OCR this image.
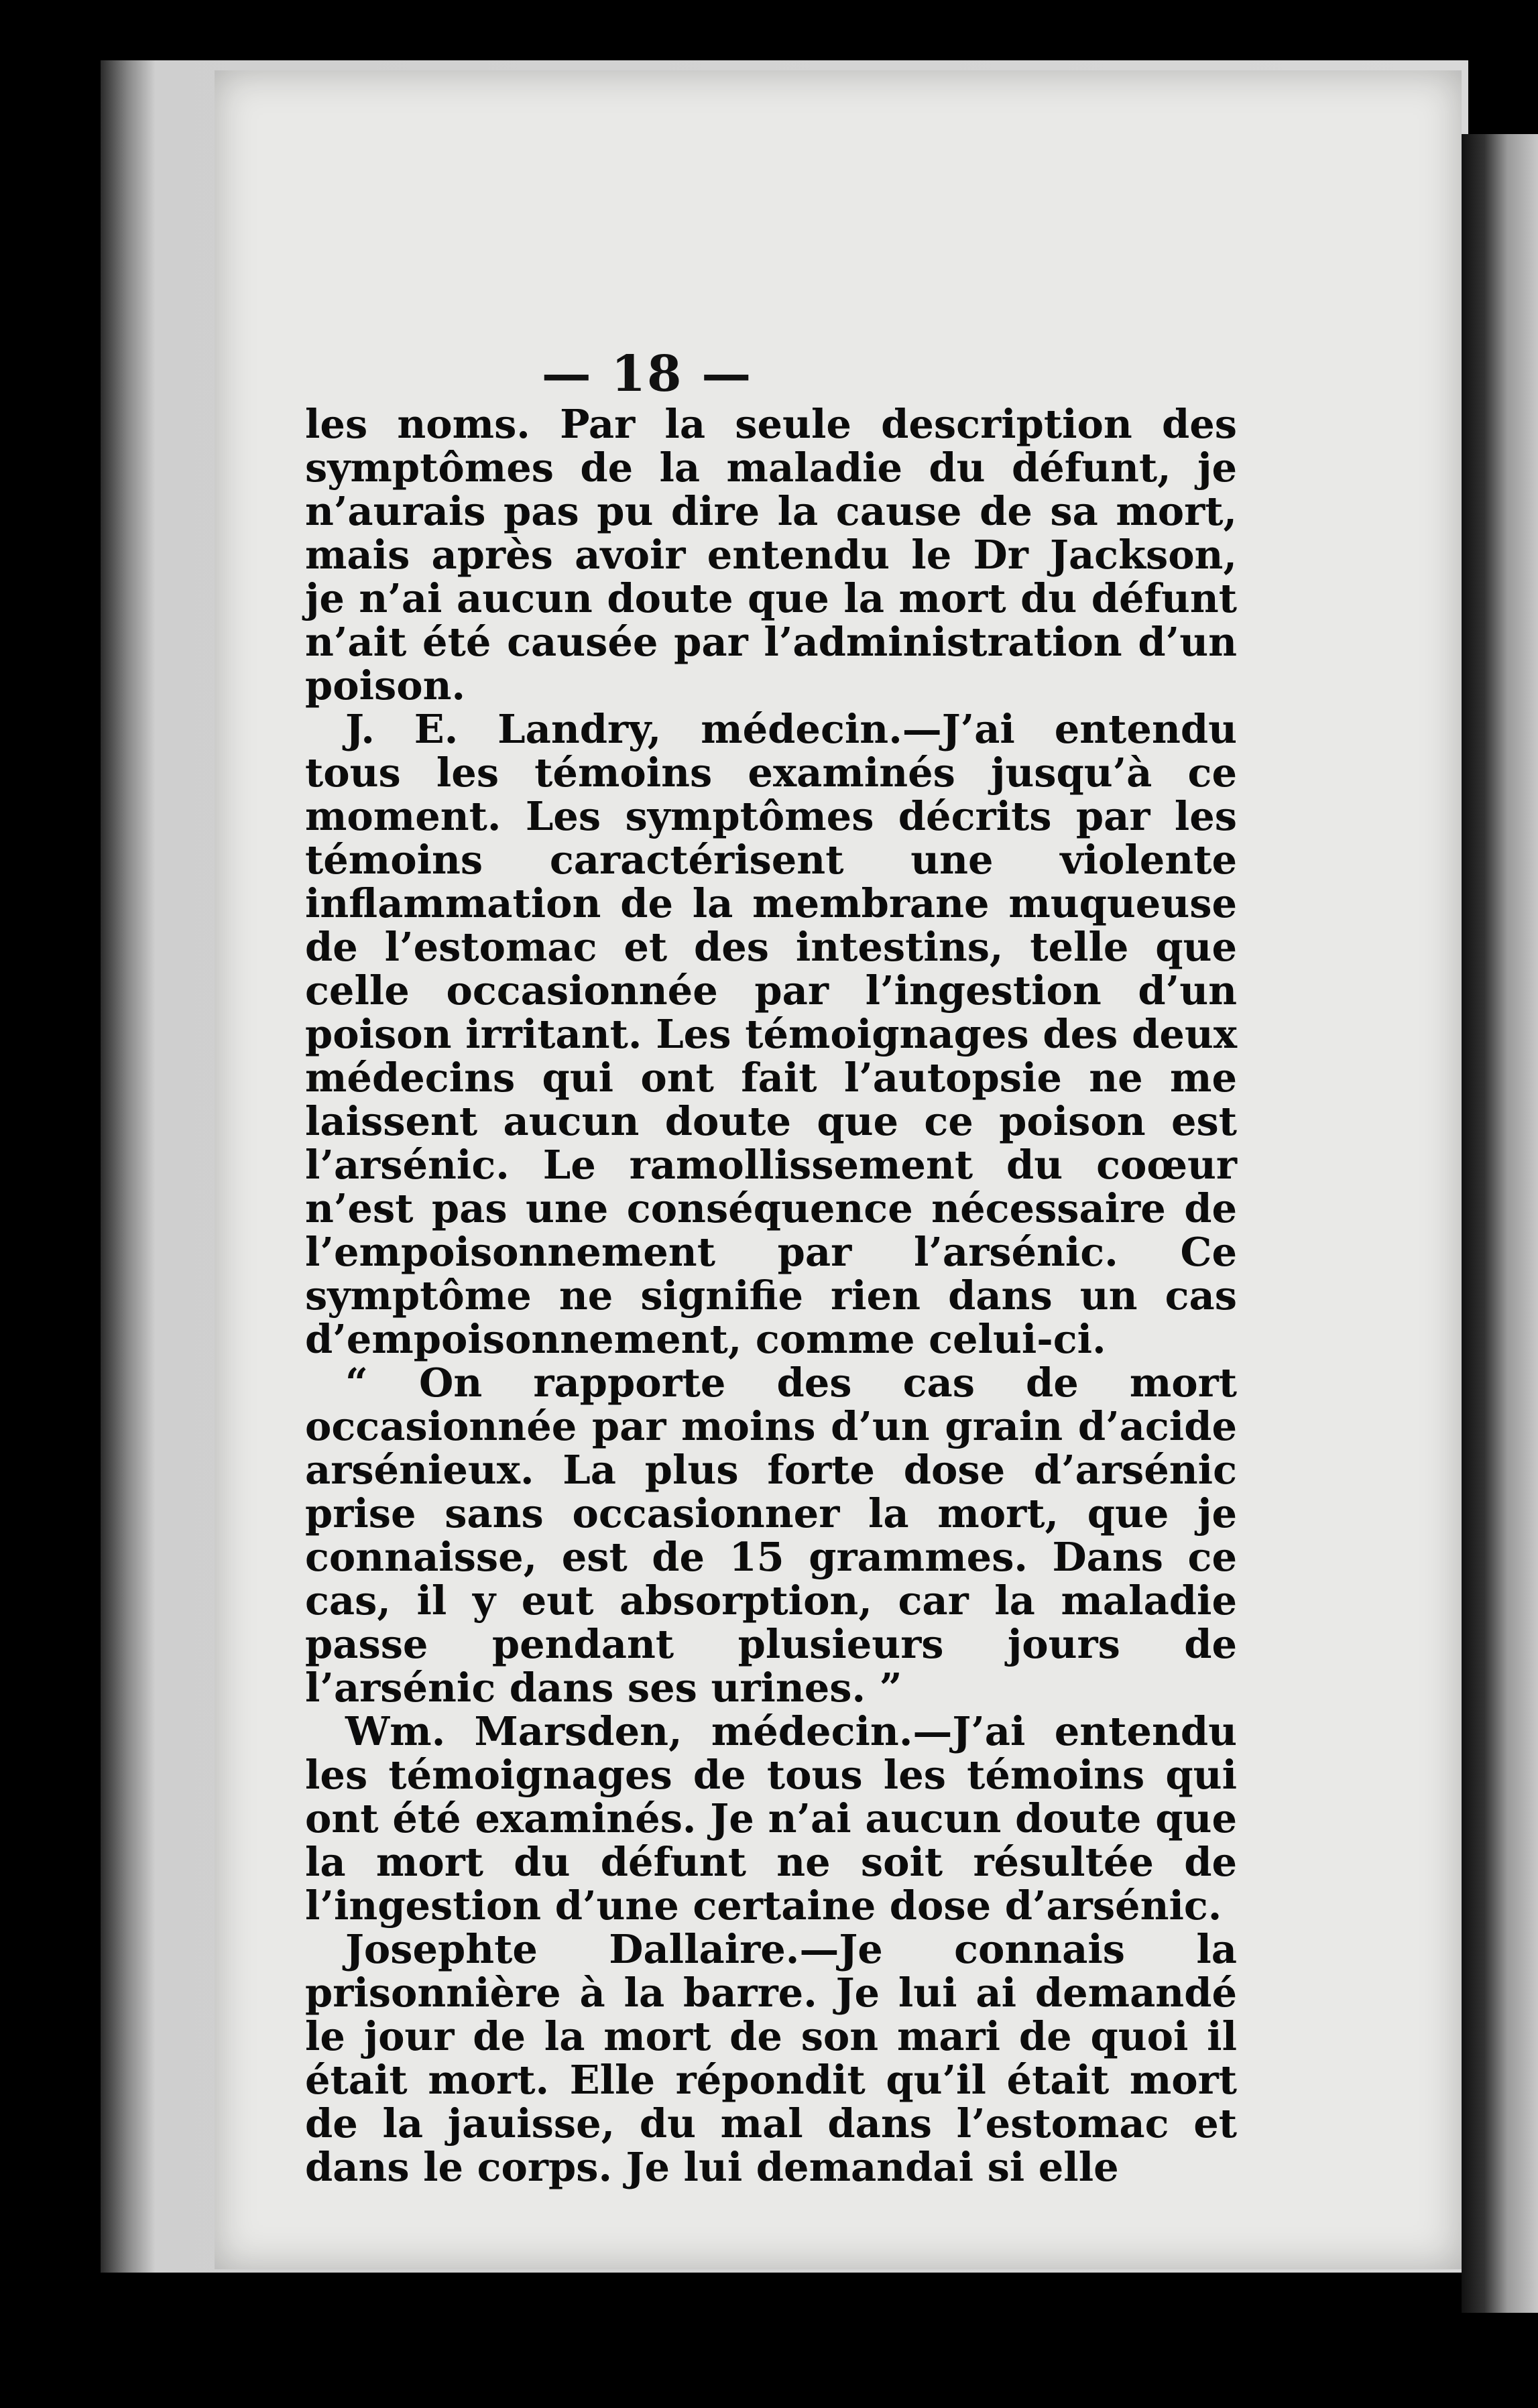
— 18 —

les noms. Par la seule description des symptômes de la maladie du défunt, je n’aurais pas pu dire la cause de sa mort, mais après avoir entendu le Dr Jackson, je n’ai aucun doute que la mort du défunt n’ait été causée par l’administration d’un poison.

J. E. Landry, médecin.—J’ai entendu tous les témoins examinés jusqu’à ce moment. Les symptômes décrits par les témoins caractérisent une violente inflammation de la membrane muqueuse de l’estomac et des intestins, telle que celle occasionnée par l’ingestion d’un poison irritant. Les témoignages des deux médecins qui ont fait l’autopsie ne me laissent aucun doute que ce poison est l’arsénic. Le ramollissement du coœur n’est pas une conséquence nécessaire de l’empoisonnement par l’arsénic. Ce symptôme ne signifie rien dans un cas d’empoisonnement, comme celui-ci.

“ On rapporte des cas de mort occasionnée par moins d’un grain d’acide arsénieux. La plus forte dose d’arsénic prise sans occasionner la mort, que je connaisse, est de 15 grammes. Dans ce cas, il y eut absorption, car la maladie passe pendant plusieurs jours de l’arsénic dans ses urines. ”

Wm. Marsden, médecin.—J’ai entendu les témoignages de tous les témoins qui ont été examinés. Je n’ai aucun doute que la mort du défunt ne soit résultée de l’ingestion d’une certaine dose d’arsénic.

Josephte Dallaire.—Je connais la prisonnière à la barre. Je lui ai demandé le jour de la mort de son mari de quoi il était mort. Elle répondit qu’il était mort de la jauisse, du mal dans l’estomac et dans le corps. Je lui demandai si elle
